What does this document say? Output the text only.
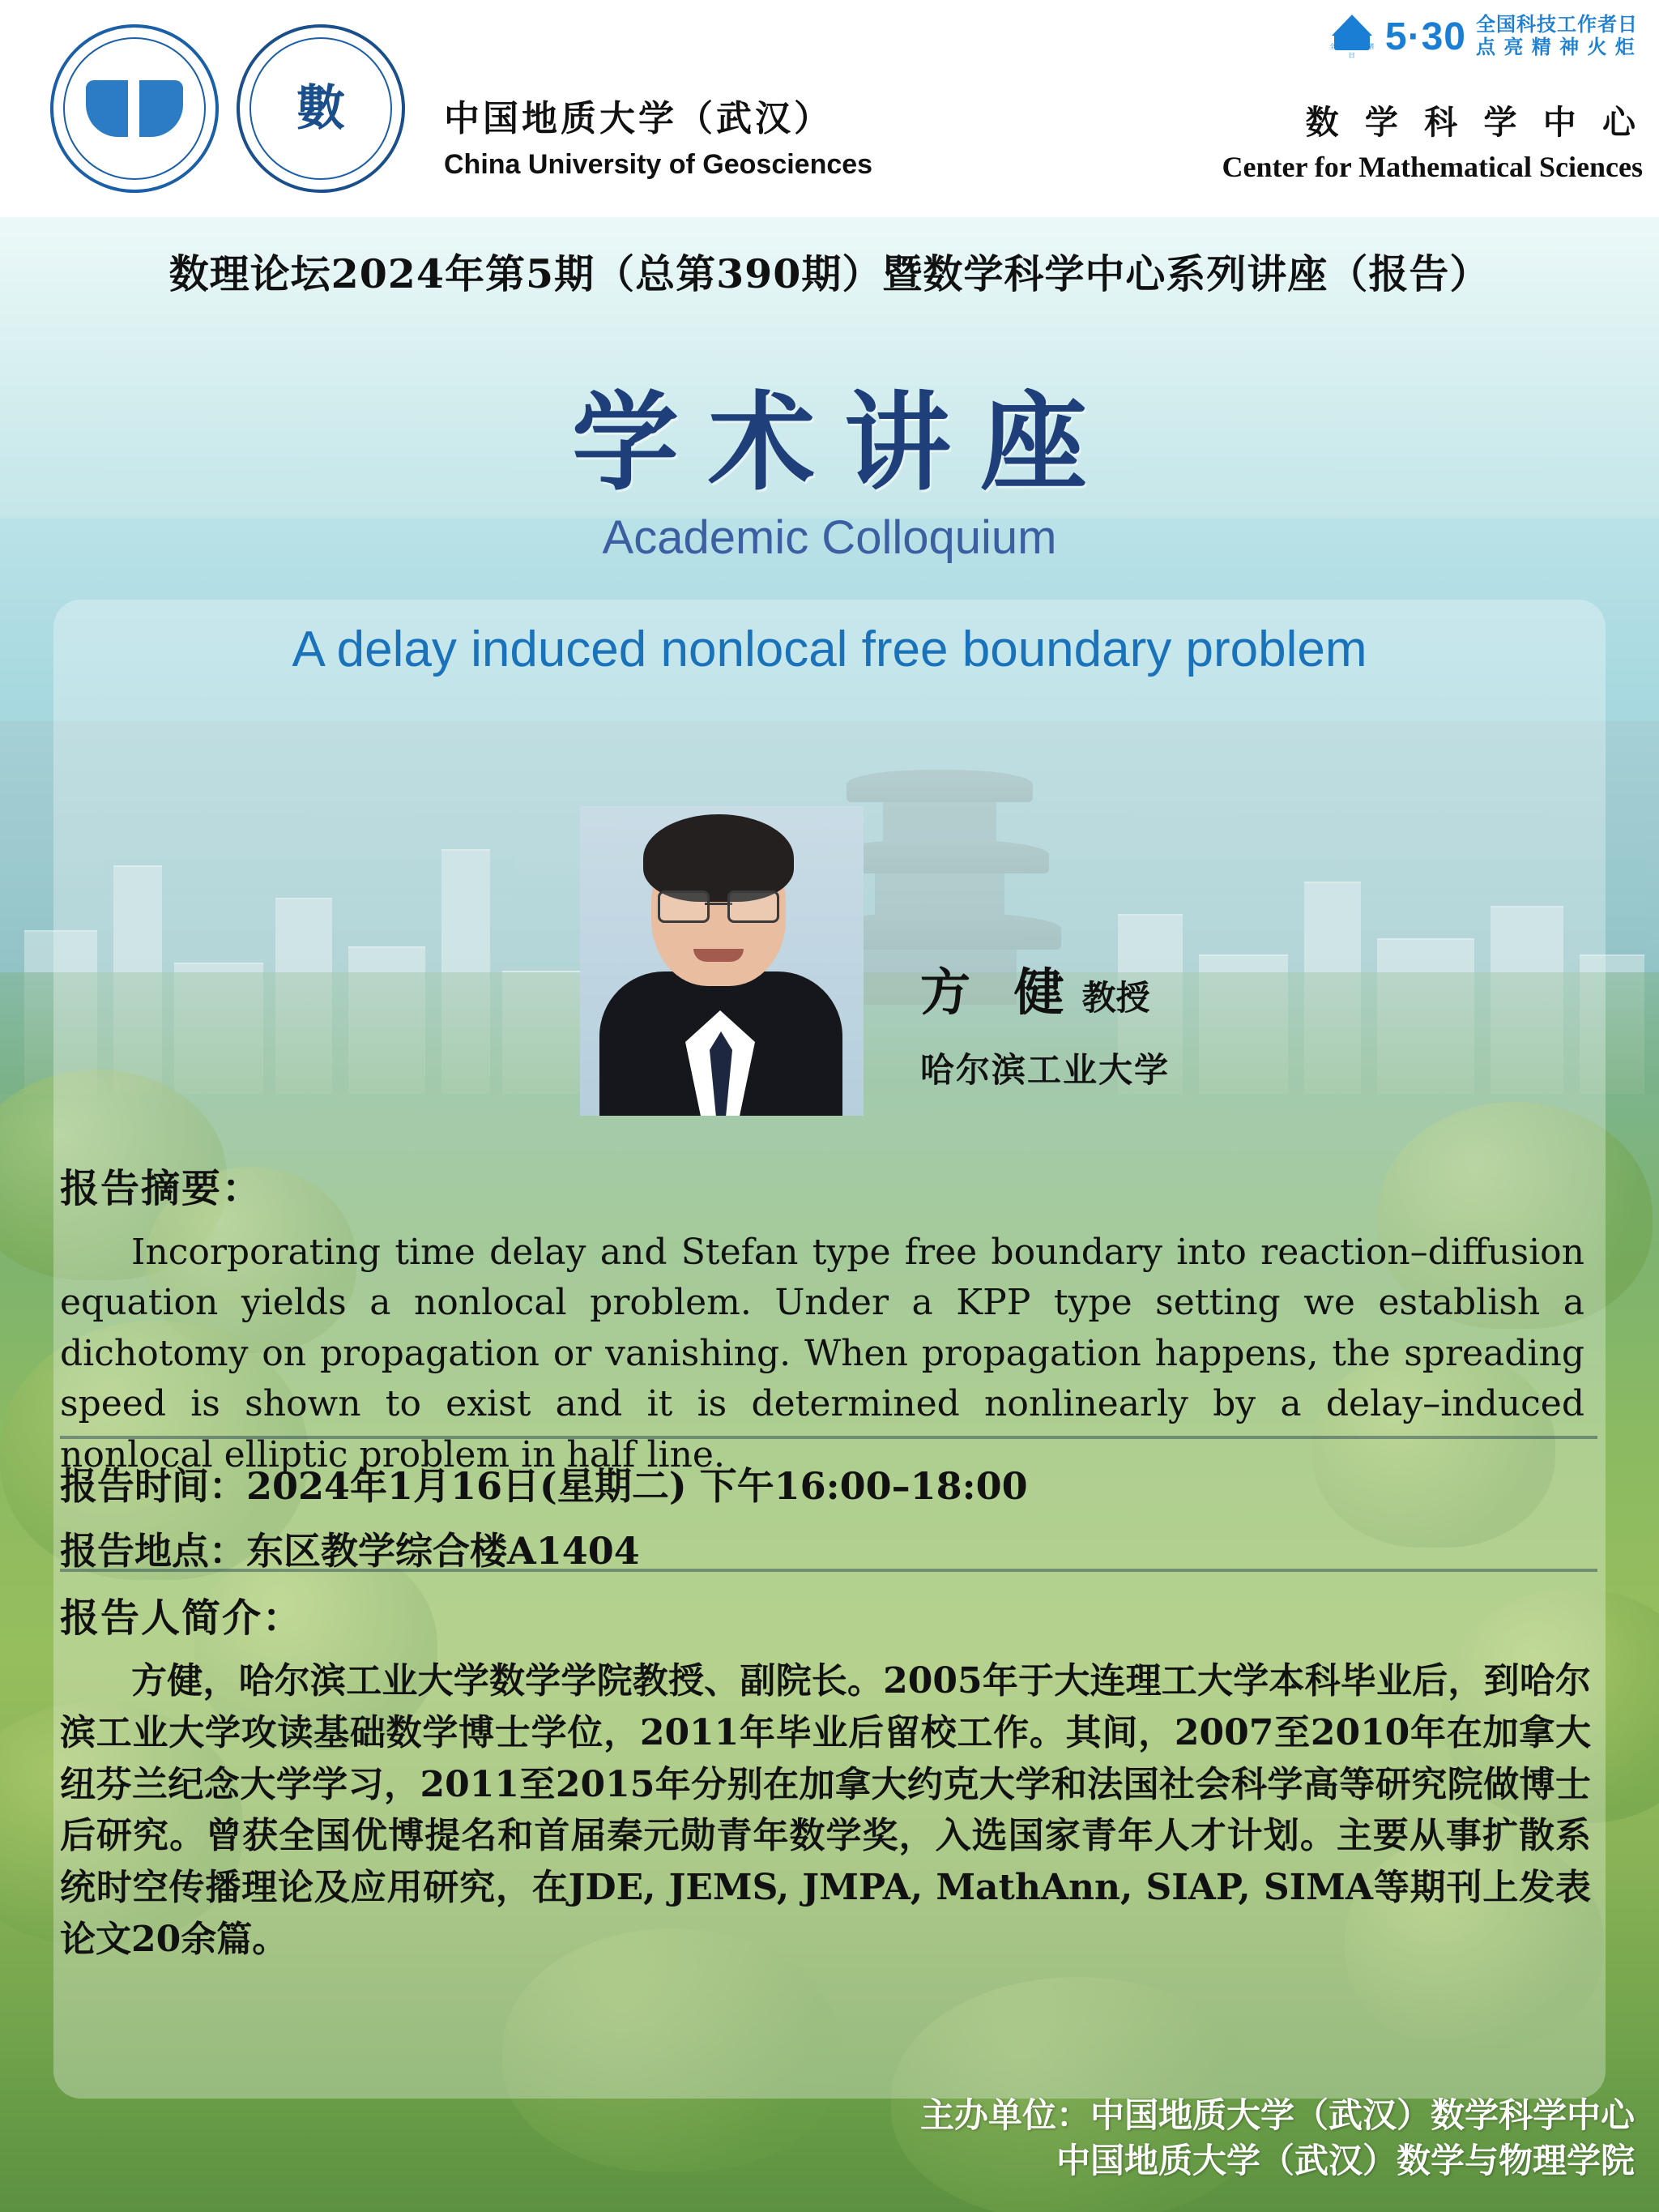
數	中国地质大学（武汉）
China University of Geosciences
全国科技工作者日 5·30 全国科技工作者日
点 亮 精 神 火 炬
数 学 科 学 中 心
Center for Mathematical Sciences
数理论坛2024年第5期（总第390期）暨数学科学中心系列讲座（报告）
学术讲座
Academic Colloquium
A delay induced nonlocal free boundary problem
方 健 教授
哈尔滨工业大学
报告摘要：
Incorporating time delay and Stefan type free boundary into reaction–diffusion equation yields a nonlocal problem. Under a KPP type setting we establish a dichotomy on propagation or vanishing. When propagation happens, the spreading speed is shown to exist and it is determined nonlinearly by a delay–induced nonlocal elliptic problem in half line.
报告时间：2024年1月16日(星期二) 下午16:00–18:00
报告地点：东区教学综合楼A1404
报告人简介：
方健，哈尔滨工业大学数学学院教授、副院长。2005年于大连理工大学本科毕业后，到哈尔滨工业大学攻读基础数学博士学位，2011年毕业后留校工作。其间，2007至2010年在加拿大纽芬兰纪念大学学习，2011至2015年分别在加拿大约克大学和法国社会科学高等研究院做博士后研究。曾获全国优博提名和首届秦元勋青年数学奖，入选国家青年人才计划。主要从事扩散系统时空传播理论及应用研究，在JDE, JEMS, JMPA, MathAnn, SIAP, SIMA等期刊上发表论文20余篇。
主办单位：中国地质大学（武汉）数学科学中心
中国地质大学（武汉）数学与物理学院
